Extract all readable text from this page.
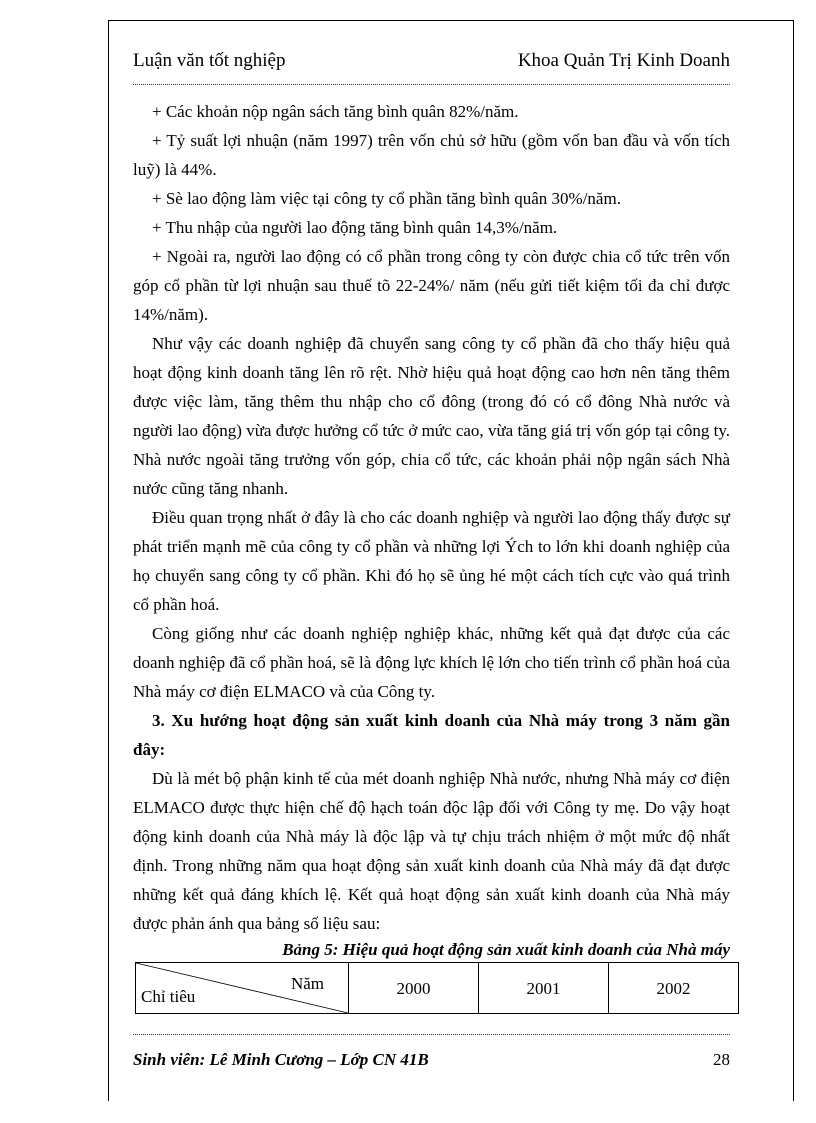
Luận văn tốt nghiệp	Khoa Quản Trị Kinh Doanh

+ Các khoản nộp ngân sách tăng bình quân 82%/năm.

+ Tỷ suất lợi nhuận (năm 1997) trên vốn chủ sở hữu (gồm vốn ban đầu và vốn tích luỹ) là 44%.

+ Sè lao động làm việc tại công ty cổ phần tăng bình quân 30%/năm.

+ Thu nhập của người lao động tăng bình quân 14,3%/năm.

+ Ngoài ra, người lao động có cổ phần trong công ty còn được chia cổ tức trên vốn góp cổ phần từ lợi nhuận sau thuế tõ 22-24%/ năm (nếu gửi tiết kiệm tối đa chỉ được 14%/năm).

Như vậy các doanh nghiệp đã chuyển sang công ty cổ phần đã cho thấy hiệu quả hoạt động kinh doanh tăng lên rõ rệt. Nhờ hiệu quả hoạt động cao hơn nên tăng thêm được việc làm, tăng thêm thu nhập cho cổ đông (trong đó có cổ đông Nhà nước và người lao động) vừa được hưởng cổ tức ở mức cao, vừa tăng giá trị vốn góp tại công ty. Nhà nước ngoài tăng trưởng vốn góp, chia cổ tức, các khoản phải nộp ngân sách Nhà nước cũng tăng nhanh.

Điều quan trọng nhất ở đây là cho các doanh nghiệp và người lao động thấy được sự phát triển mạnh mẽ của công ty cổ phần và những lợi Ých to lớn khi doanh nghiệp của họ chuyển sang công ty cổ phần. Khi đó họ sẽ ủng hé một cách tích cực vào quá trình cổ phần hoá.

Còng giống như các doanh nghiệp nghiệp khác, những kết quả đạt được của các doanh nghiệp đã cổ phần hoá, sẽ là động lực khích lệ lớn cho tiến trình cổ phần hoá của Nhà máy cơ điện ELMACO và của Công ty.

3. Xu hướng hoạt động sản xuất kinh doanh của Nhà máy trong 3 năm gần đây:

Dù là mét bộ phận kinh tế của mét doanh nghiệp Nhà nước, nhưng Nhà máy cơ điện ELMACO được thực hiện chế độ hạch toán độc lập đối với Công ty mẹ. Do vậy hoạt động kinh doanh của Nhà máy là độc lập và tự chịu trách nhiệm ở một mức độ nhất định. Trong những năm qua hoạt động sản xuất kinh doanh của Nhà máy đã đạt được những kết quả đáng khích lệ. Kết quả hoạt động sản xuất kinh doanh của Nhà máy được phản ánh qua bảng số liệu sau:

Bảng 5: Hiệu quả hoạt động sản xuất kinh doanh của Nhà máy

Năm
Chỉ tiêu	2000	2001	2002
Sinh viên: Lê Minh Cương – Lớp CN 41B	28
